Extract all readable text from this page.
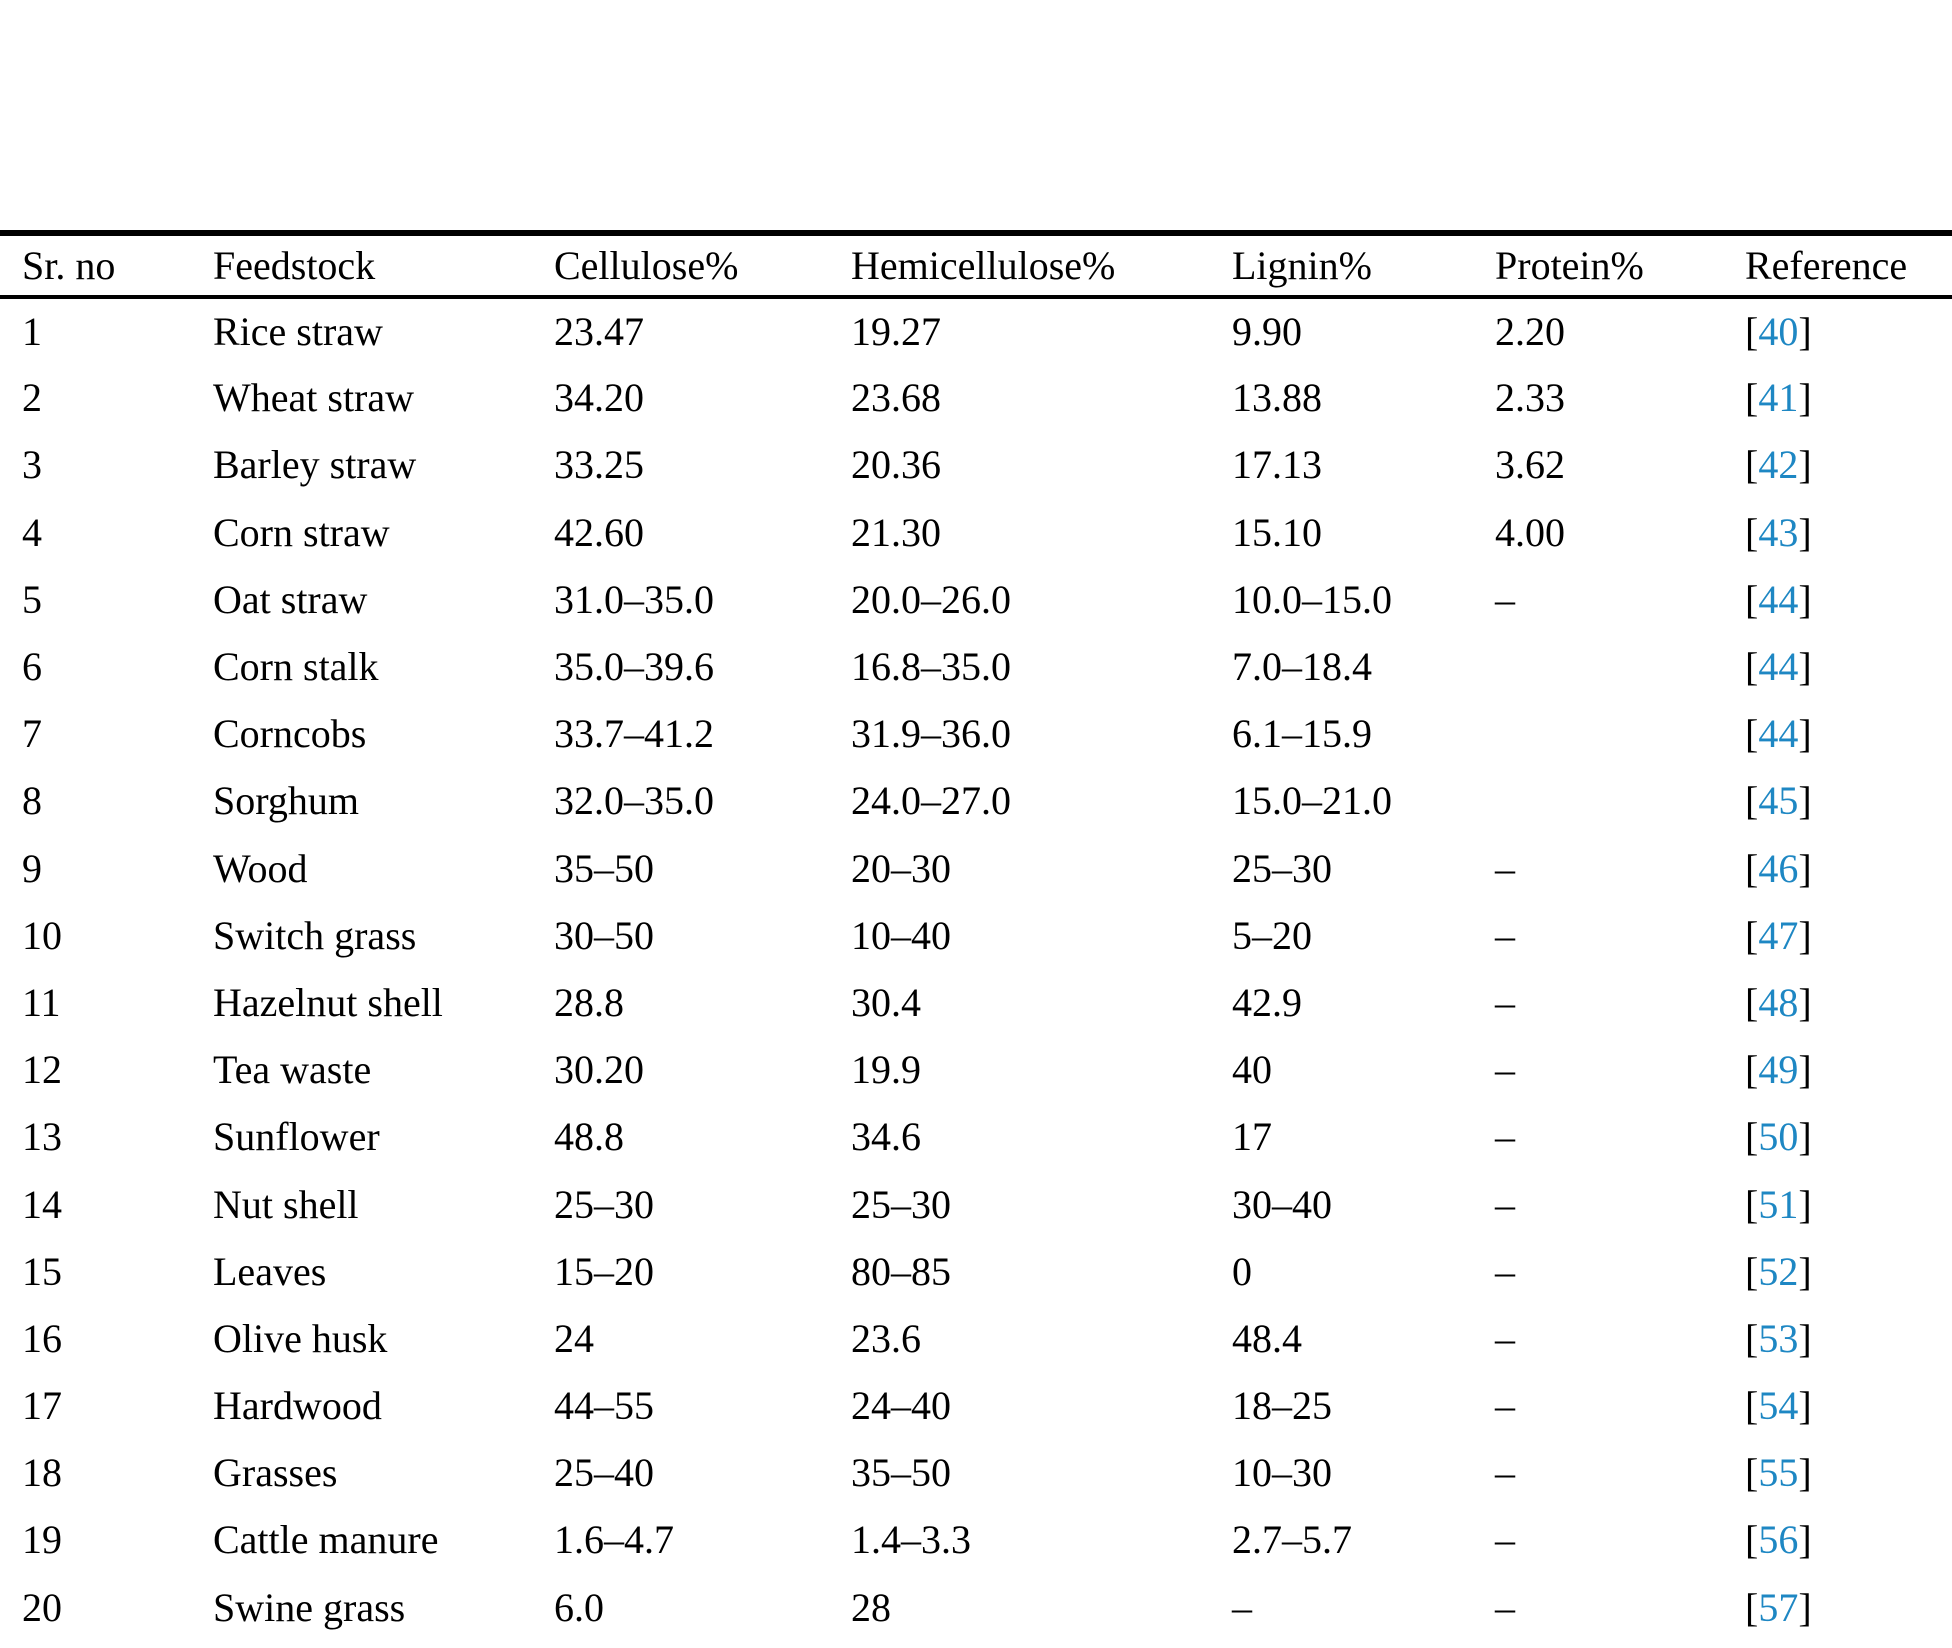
Sr. no	Feedstock	Cellulose%	Hemicellulose%	Lignin%	Protein%	Reference
1	Rice straw	23.47	19.27	9.90	2.20	[40]
2	Wheat straw	34.20	23.68	13.88	2.33	[41]
3	Barley straw	33.25	20.36	17.13	3.62	[42]
4	Corn straw	42.60	21.30	15.10	4.00	[43]
5	Oat straw	31.0–35.0	20.0–26.0	10.0–15.0	–	[44]
6	Corn stalk	35.0–39.6	16.8–35.0	7.0–18.4		[44]
7	Corncobs	33.7–41.2	31.9–36.0	6.1–15.9		[44]
8	Sorghum	32.0–35.0	24.0–27.0	15.0–21.0		[45]
9	Wood	35–50	20–30	25–30	–	[46]
10	Switch grass	30–50	10–40	5–20	–	[47]
11	Hazelnut shell	28.8	30.4	42.9	–	[48]
12	Tea waste	30.20	19.9	40	–	[49]
13	Sunflower	48.8	34.6	17	–	[50]
14	Nut shell	25–30	25–30	30–40	–	[51]
15	Leaves	15–20	80–85	0	–	[52]
16	Olive husk	24	23.6	48.4	–	[53]
17	Hardwood	44–55	24–40	18–25	–	[54]
18	Grasses	25–40	35–50	10–30	–	[55]
19	Cattle manure	1.6–4.7	1.4–3.3	2.7–5.7	–	[56]
20	Swine grass	6.0	28	–	–	[57]
